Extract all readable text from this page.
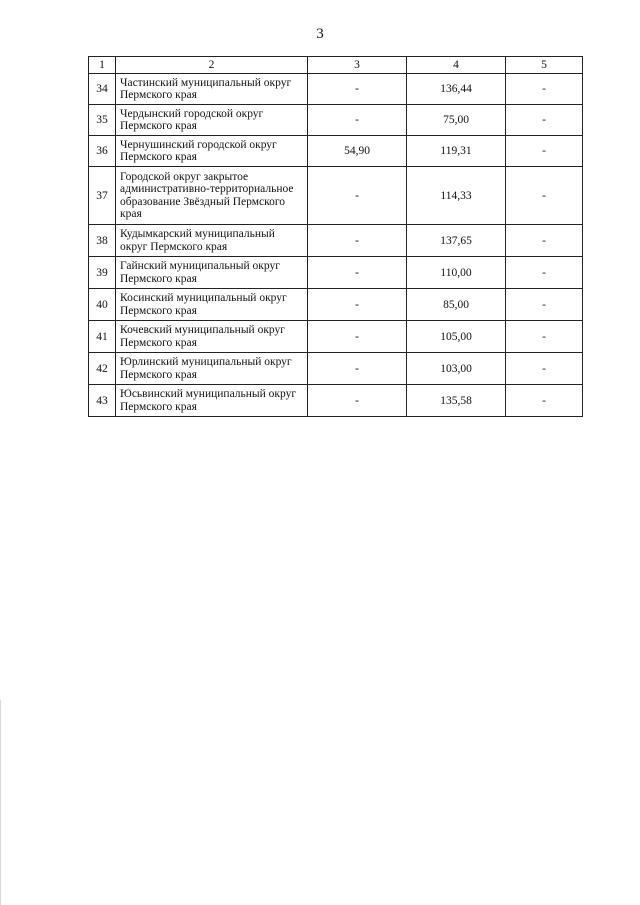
3
1	2	3	4	5
34	Частинский муниципальный округ Пермского края	-	136,44	-
35	Чердынский городской округ Пермского края	-	75,00	-
36	Чернушинский городской округ Пермского края	54,90	119,31	-
37	Городской округ закрытое административно-территориальное образование Звёздный Пермского края	-	114,33	-
38	Кудымкарский муниципальный округ Пермского края	-	137,65	-
39	Гайнский муниципальный округ Пермского края	-	110,00	-
40	Косинский муниципальный округ Пермского края	-	85,00	-
41	Кочевский муниципальный округ Пермского края	-	105,00	-
42	Юрлинский муниципальный округ Пермского края	-	103,00	-
43	Юсьвинский муниципальный округ Пермского края	-	135,58	-
